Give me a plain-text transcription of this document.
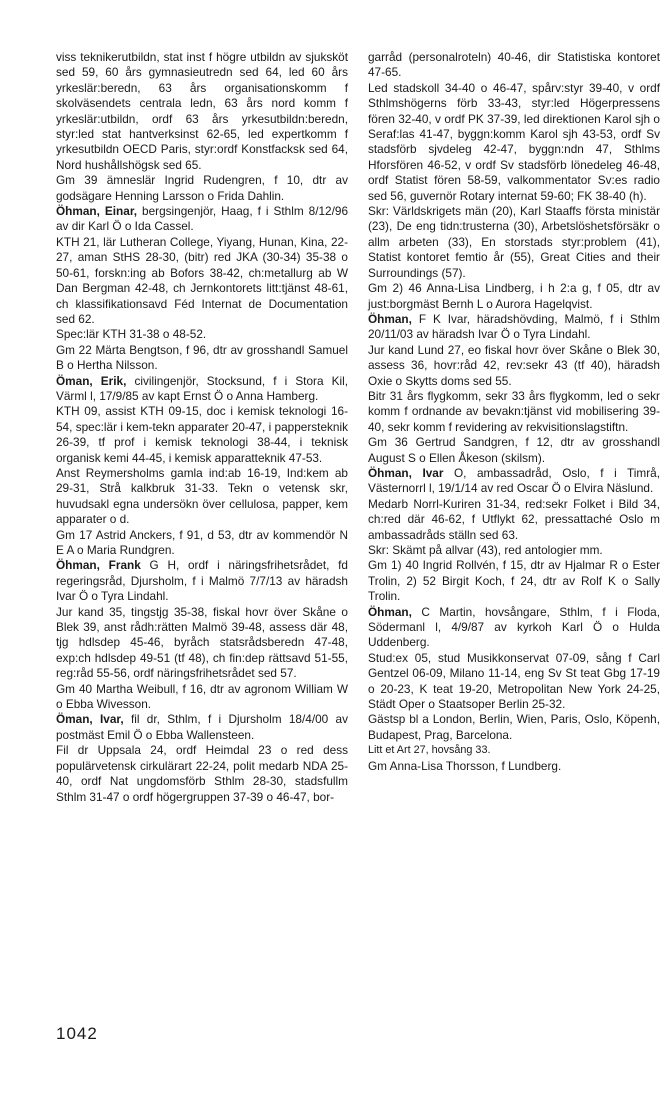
viss teknikerutbildn, stat inst f högre utbildn av sjuksköt sed 59, 60 års gymnasieutredn sed 64, led 60 års yrkeslär:beredn, 63 års organisationskomm f skolväsendets centrala ledn, 63 års nord komm f yrkeslär:utbildn, ordf 63 års yrkesutbildn:beredn, styr:led stat hantverksinst 62-65, led expertkomm f yrkesutbildn OECD Paris, styr:ordf Konstfacksk sed 64, Nord hushållshögsk sed 65.

Gm 39 ämneslär Ingrid Rudengren, f 10, dtr av godsägare Henning Larsson o Frida Dahlin.

Öhman, Einar, bergsingenjör, Haag, f i Sthlm 8/12/96 av dir Karl Ö o Ida Cassel.

KTH 21, lär Lutheran College, Yiyang, Hunan, Kina, 22-27, aman StHS 28-30, (bitr) red JKA (30-34) 35-38 o 50-61, forskn:ing ab Bofors 38-42, ch:metallurg ab W Dan Bergman 42-48, ch Jernkontorets litt:tjänst 48-61, ch klassifikationsavd Féd Internat de Documentation sed 62.

Spec:lär KTH 31-38 o 48-52.

Gm 22 Märta Bengtson, f 96, dtr av grosshandl Samuel B o Hertha Nilsson.

Öman, Erik, civilingenjör, Stocksund, f i Stora Kil, Värml l, 17/9/85 av kapt Ernst Ö o Anna Hamberg.

KTH 09, assist KTH 09-15, doc i kemisk teknologi 16-54, spec:lär i kem-tekn apparater 20-47, i pappersteknik 26-39, tf prof i kemisk teknologi 38-44, i teknisk organisk kemi 44-45, i kemisk apparatteknik 47-53.

Anst Reymersholms gamla ind:ab 16-19, Ind:kem ab 29-31, Strå kalkbruk 31-33. Tekn o vetensk skr, huvudsakl egna undersökn över cellulosa, papper, kem apparater o d.

Gm 17 Astrid Anckers, f 91, d 53, dtr av kommendör N E A o Maria Rundgren.

Öhman, Frank G H, ordf i näringsfrihetsrådet, fd regeringsråd, Djursholm, f i Malmö 7/7/13 av häradsh Ivar Ö o Tyra Lindahl.

Jur kand 35, tingstjg 35-38, fiskal hovr över Skåne o Blek 39, anst rådh:rätten Malmö 39-48, assess där 48, tjg hdlsdep 45-46, byråch statsrådsberedn 47-48, exp:ch hdlsdep 49-51 (tf 48), ch fin:dep rättsavd 51-55, reg:råd 55-56, ordf näringsfrihetsrådet sed 57.

Gm 40 Martha Weibull, f 16, dtr av agronom William W o Ebba Wivesson.

Öman, Ivar, fil dr, Sthlm, f i Djursholm 18/4/00 av postmäst Emil Ö o Ebba Wallensteen.

Fil dr Uppsala 24, ordf Heimdal 23 o red dess populärvetensk cirkulärart 22-24, polit medarb NDA 25-40, ordf Nat ungdomsförb Sthlm 28-30, stadsfullm Sthlm 31-47 o ordf högergruppen 37-39 o 46-47, bor-

garråd (personalroteln) 40-46, dir Statistiska kontoret 47-65.

Led stadskoll 34-40 o 46-47, spårv:styr 39-40, v ordf Sthlmshögerns förb 33-43, styr:led Högerpressens fören 32-40, v ordf PK 37-39, led direktionen Karol sjh o Seraf:las 41-47, byggn:komm Karol sjh 43-53, ordf Sv stadsförb sjvdeleg 42-47, byggn:ndn 47, Sthlms Hforsfören 46-52, v ordf Sv stadsförb lönedeleg 46-48, ordf Statist fören 58-59, valkommentator Sv:es radio sed 56, guvernör Rotary internat 59-60; FK 38-40 (h).

Skr: Världskrigets män (20), Karl Staaffs första ministär (23), De eng tidn:trusterna (30), Arbetslöshetsförsäkr o allm arbeten (33), En storstads styr:problem (41), Statist kontoret femtio år (55), Great Cities and their Surroundings (57).

Gm 2) 46 Anna-Lisa Lindberg, i h 2:a g, f 05, dtr av just:borgmäst Bernh L o Aurora Hagelqvist.

Öhman, F K Ivar, häradshövding, Malmö, f i Sthlm 20/11/03 av häradsh Ivar Ö o Tyra Lindahl.

Jur kand Lund 27, eo fiskal hovr över Skåne o Blek 30, assess 36, hovr:råd 42, rev:sekr 43 (tf 40), häradsh Oxie o Skytts doms sed 55.

Bitr 31 års flygkomm, sekr 33 års flygkomm, led o sekr komm f ordnande av bevakn:tjänst vid mobilisering 39-40, sekr komm f revidering av rekvisitionslagstiftn.

Gm 36 Gertrud Sandgren, f 12, dtr av grosshandl August S o Ellen Åkeson (skilsm).

Öhman, Ivar O, ambassadråd, Oslo, f i Timrå, Västernorrl l, 19/1/14 av red Oscar Ö o Elvira Näslund.

Medarb Norrl-Kuriren 31-34, red:sekr Folket i Bild 34, ch:red där 46-62, f Utflykt 62, pressattaché Oslo m ambassadråds ställn sed 63.

Skr: Skämt på allvar (43), red antologier mm.

Gm 1) 40 Ingrid Rollvén, f 15, dtr av Hjalmar R o Ester Trolin, 2) 52 Birgit Koch, f 24, dtr av Rolf K o Sally Trolin.

Öhman, C Martin, hovsångare, Sthlm, f i Floda, Södermanl l, 4/9/87 av kyrkoh Karl Ö o Hulda Uddenberg.

Stud:ex 05, stud Musikkonservat 07-09, sång f Carl Gentzel 06-09, Milano 11-14, eng Sv St teat Gbg 17-19 o 20-23, K teat 19-20, Metropolitan New York 24-25, Städt Oper o Staatsoper Berlin 25-32.

Gästsp bl a London, Berlin, Wien, Paris, Oslo, Köpenh, Budapest, Prag, Barcelona.

Litt et Art 27, hovsång 33.

Gm Anna-Lisa Thorsson, f Lundberg.

1042
